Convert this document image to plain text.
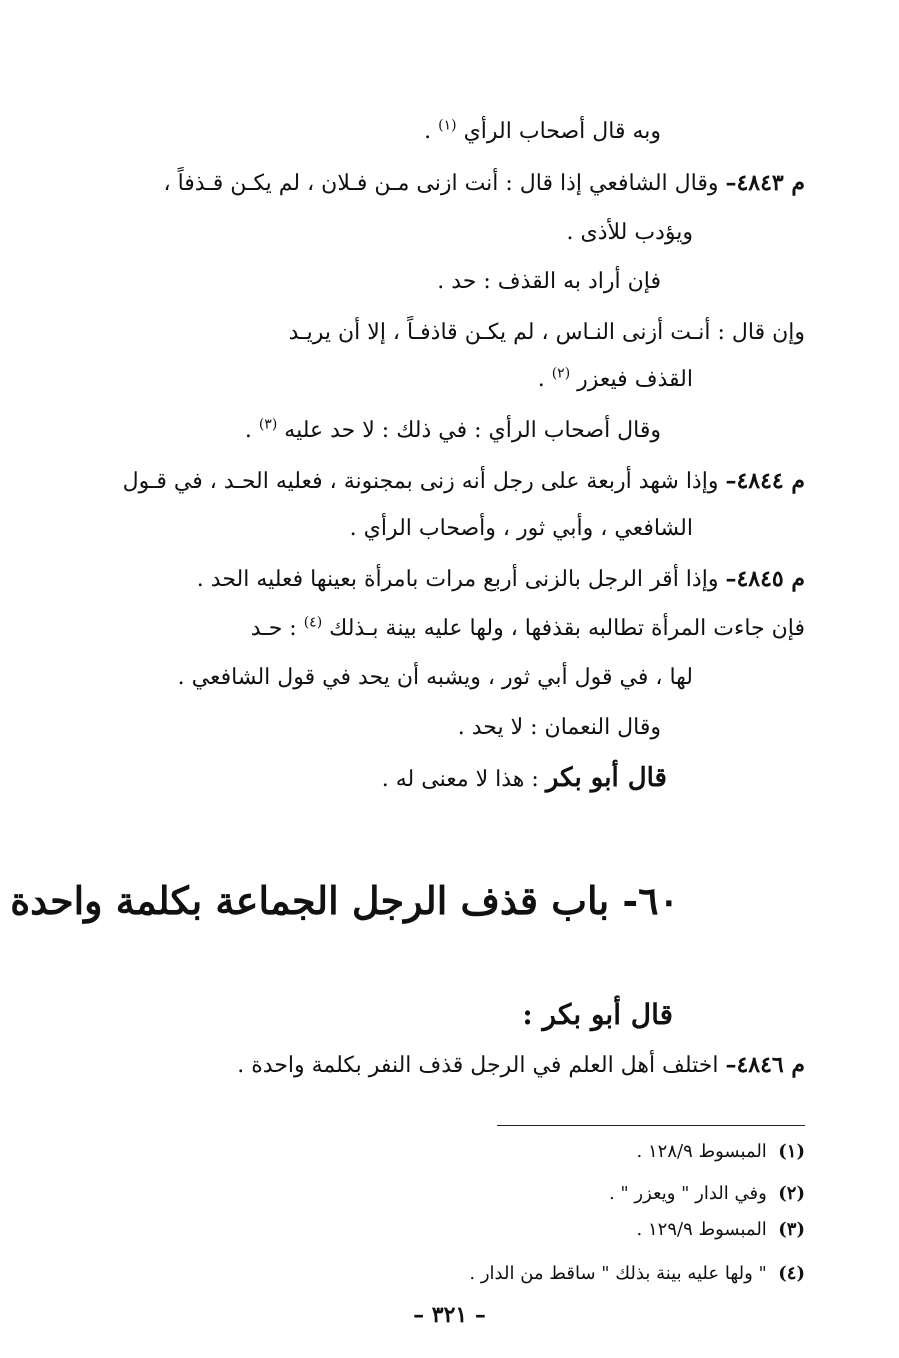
وبه قال أصحاب الرأي $^{(١)}$ .
م ٤٨٤٣– وقال الشافعي إذا قال : أنت ازنى مـن فـلان ، لم يكـن قـذفاً ،
ويؤدب للأذى .
فإن أراد به القذف : حد .
وإن قال : أنـت أزنى النـاس ، لم يكـن قاذفـاً ، إلا أن يريـد
القذف فيعزر $^{(٢)}$ .
وقال أصحاب الرأي : في ذلك : لا حد عليه $^{(٣)}$ .
م ٤٨٤٤– وإذا شهد أربعة على رجل أنه زنى بمجنونة ، فعليه الحـد ، في قـول
الشافعي ، وأبي ثور ، وأصحاب الرأي .
م ٤٨٤٥– وإذا أقر الرجل بالزنى أربع مرات بامرأة بعينها فعليه الحد .
فإن جاءت المرأة تطالبه بقذفها ، ولها عليه بينة بـذلك $^{(٤)}$ : حـد
لها ، في قول أبي ثور ، ويشبه أن يحد في قول الشافعي .
وقال النعمان : لا يحد .
قال أبو بكر : هذا لا معنى له .
٦٠- باب قذف الرجل الجماعة بكلمة واحدة
قال أبو بكر :
م ٤٨٤٦– اختلف أهل العلم في الرجل قذف النفر بكلمة واحدة .
(١)  المبسوط ١٢٨/٩ .
(٢)  وفي الدار " ويعزر " .
(٣)  المبسوط ١٢٩/٩ .
(٤)  " ولها عليه بينة بذلك " ساقط من الدار .
– ٣٢١ –
